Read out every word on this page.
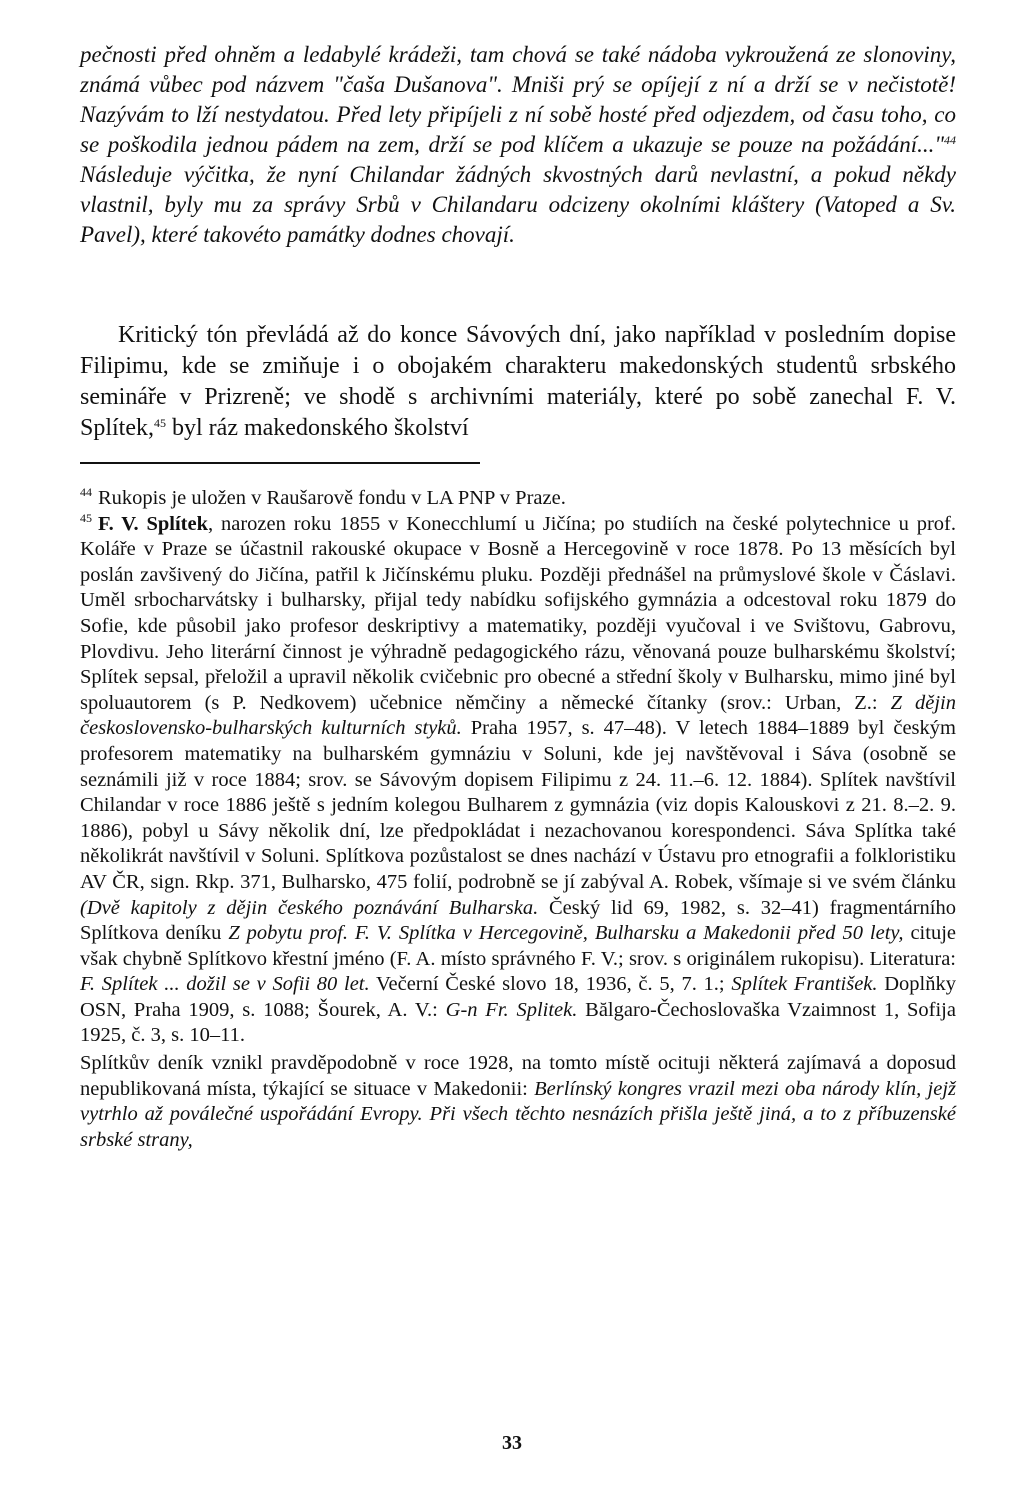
pečnosti před ohněm a ledabylé krádeži, tam chová se také nádoba vykroužená ze slonoviny, známá vůbec pod názvem "čaša Dušanova". Mniši prý se opíjejí z ní a drží se v nečistotě! Nazývám to lží nestydatou. Před lety připíjeli z ní sobě hosté před odjezdem, od času toho, co se poškodila jednou pádem na zem, drží se pod klíčem a ukazuje se pouze na požádání..."$^{44}$ Následuje výčitka, že nyní Chilandar žádných skvostných darů nevlastní, a pokud někdy vlastnil, byly mu za správy Srbů v Chilandaru odcizeny okolními kláštery (Vatoped a Sv. Pavel), které takovéto památky dodnes chovají.
Kritický tón převládá až do konce Sávových dní, jako například v posledním dopise Filipimu, kde se zmiňuje i o obojakém charakteru makedonských studentů srbského semináře v Prizreně; ve shodě s archivními materiály, které po sobě zanechal F. V. Splítek,$^{45}$ byl ráz makedonského školství

$^{44}$ Rukopis je uložen v Raušarově fondu v LA PNP v Praze.

$^{45}$ F. V. Splítek, narozen roku 1855 v Konecchlumí u Jičína; po studiích na české polytechnice u prof. Koláře v Praze se účastnil rakouské okupace v Bosně a Hercegovině v roce 1878. Po 13 měsících byl poslán zavšivený do Jičína, patřil k Jičínskému pluku. Později přednášel na průmyslové škole v Čáslavi. Uměl srbocharvátsky i bulharsky, přijal tedy nabídku sofijského gymnázia a odcestoval roku 1879 do Sofie, kde působil jako profesor deskriptivy a matematiky, později vyučoval i ve Svištovu, Gabrovu, Plovdivu. Jeho literární činnost je výhradně pedagogického rázu, věnovaná pouze bulharskému školství; Splítek sepsal, přeložil a upravil několik cvičebnic pro obecné a střední školy v Bulharsku, mimo jiné byl spoluautorem (s P. Nedkovem) učebnice němčiny a německé čítanky (srov.: Urban, Z.: Z dějin československo-bulharských kulturních styků. Praha 1957, s. 47–48). V letech 1884–1889 byl českým profesorem matematiky na bulharském gymnáziu v Soluni, kde jej navštěvoval i Sáva (osobně se seznámili již v roce 1884; srov. se Sávovým dopisem Filipimu z 24. 11.–6. 12. 1884). Splítek navštívil Chilandar v roce 1886 ještě s jedním kolegou Bulharem z gymnázia (viz dopis Kalouskovi z 21. 8.–2. 9. 1886), pobyl u Sávy několik dní, lze předpokládat i nezachovanou korespondenci. Sáva Splítka také několikrát navštívil v Soluni. Splítkova pozůstalost se dnes nachází v Ústavu pro etnografii a folkloristiku AV ČR, sign. Rkp. 371, Bulharsko, 475 folií, podrobně se jí zabýval A. Robek, všímaje si ve svém článku (Dvě kapitoly z dějin českého poznávání Bulharska. Český lid 69, 1982, s. 32–41) fragmentárního Splítkova deníku Z pobytu prof. F. V. Splítka v Hercegovině, Bulharsku a Makedonii před 50 lety, cituje však chybně Splítkovo křestní jméno (F. A. místo správného F. V.; srov. s originálem rukopisu). Literatura: F. Splítek ... dožil se v Sofii 80 let. Večerní České slovo 18, 1936, č. 5, 7. 1.; Splítek František. Doplňky OSN, Praha 1909, s. 1088; Šourek, A. V.: G-n Fr. Splitek. Bălgaro-Čechoslovaška Vzaimnost 1, Sofija 1925, č. 3, s. 10–11.

Splítkův deník vznikl pravděpodobně v roce 1928, na tomto místě ocituji některá zajímavá a doposud nepublikovaná místa, týkající se situace v Makedonii: Berlínský kongres vrazil mezi oba národy klín, jejž vytrhlo až poválečné uspořádání Evropy. Při všech těchto nesnázích přišla ještě jiná, a to z příbuzenské srbské strany,

33
